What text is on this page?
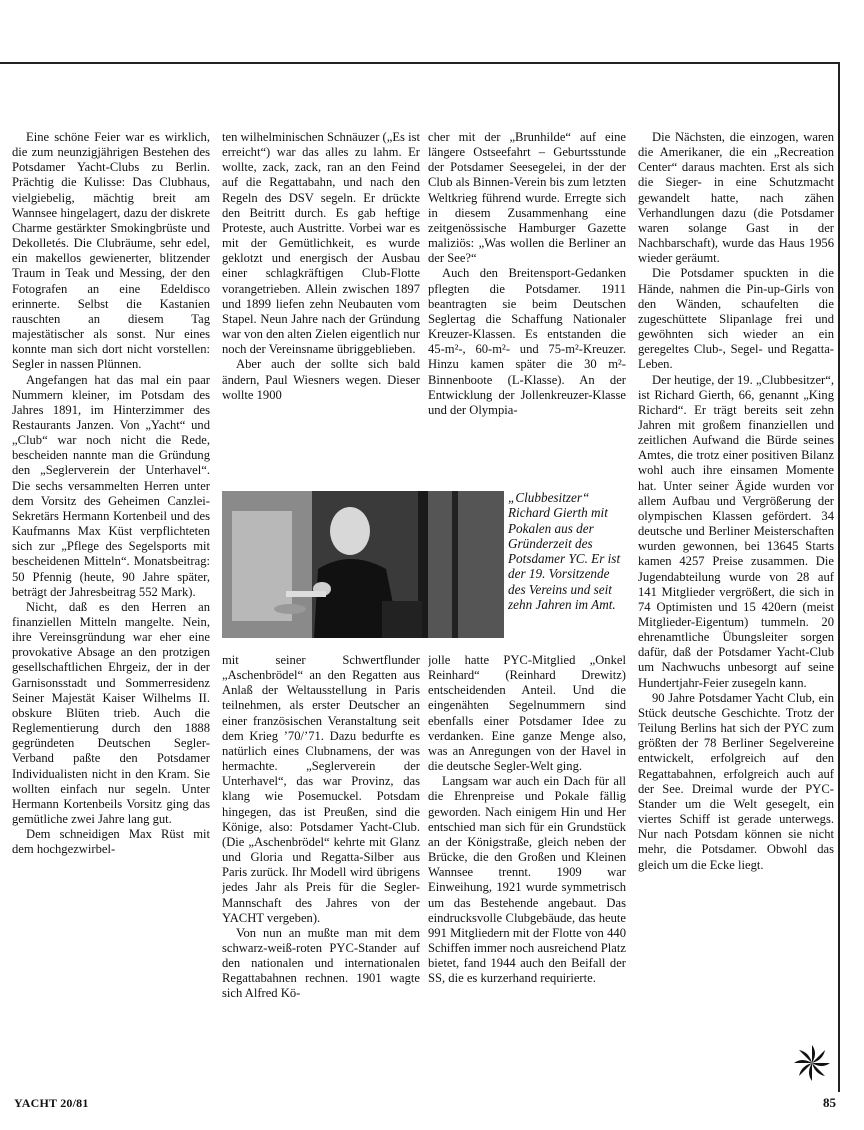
Eine schöne Feier war es wirklich, die zum neunzigjährigen Bestehen des Potsdamer Yacht-Clubs zu Berlin. Prächtig die Kulisse: Das Clubhaus, vielgiebelig, mächtig breit am Wannsee hingelagert, dazu der diskrete Charme gestärkter Smokingbrüste und Dekolletés. Die Clubräume, sehr edel, ein makellos gewienerter, blitzender Traum in Teak und Messing, der den Fotografen an eine Edeldisco erinnerte. Selbst die Kastanien rauschten an diesem Tag majestätischer als sonst. Nur eines konnte man sich dort nicht vorstellen: Segler in nassen Plünnen.

Angefangen hat das mal ein paar Nummern kleiner, im Potsdam des Jahres 1891, im Hinterzimmer des Restaurants Janzen. Von „Yacht“ und „Club“ war noch nicht die Rede, bescheiden nannte man die Gründung den „Seglerverein der Unterhavel“. Die sechs versammelten Herren unter dem Vorsitz des Geheimen Canzlei-Sekretärs Hermann Kortenbeil und des Kaufmanns Max Küst verpflichteten sich zur „Pflege des Segelsports mit bescheidenen Mitteln“. Monatsbeitrag: 50 Pfennig (heute, 90 Jahre später, beträgt der Jahresbeitrag 552 Mark).

Nicht, daß es den Herren an finanziellen Mitteln mangelte. Nein, ihre Vereinsgründung war eher eine provokative Absage an den protzigen gesellschaftlichen Ehrgeiz, der in der Garnisonsstadt und Sommerresidenz Seiner Majestät Kaiser Wilhelms II. obskure Blüten trieb. Auch die Reglementierung durch den 1888 gegründeten Deutschen Segler-Verband paßte den Potsdamer Individualisten nicht in den Kram. Sie wollten einfach nur segeln. Unter Hermann Kortenbeils Vorsitz ging das gemütliche zwei Jahre lang gut.

Dem schneidigen Max Rüst mit dem hochgezwirbel-

ten wilhelminischen Schnäuzer („Es ist erreicht“) war das alles zu lahm. Er wollte, zack, zack, ran an den Feind auf die Regattabahn, und nach den Regeln des DSV segeln. Er drückte den Beitritt durch. Es gab heftige Proteste, auch Austritte. Vorbei war es mit der Gemütlichkeit, es wurde geklotzt und energisch der Ausbau einer schlagkräftigen Club-Flotte vorangetrieben. Allein zwischen 1897 und 1899 liefen zehn Neubauten vom Stapel. Neun Jahre nach der Gründung war von den alten Zielen eigentlich nur noch der Vereinsname übriggeblieben.

Aber auch der sollte sich bald ändern, Paul Wiesners wegen. Dieser wollte 1900

cher mit der „Brunhilde“ auf eine längere Ostseefahrt – Geburtsstunde der Potsdamer Seesegelei, in der der Club als Binnen-Verein bis zum letzten Weltkrieg führend wurde. Erregte sich in diesem Zusammenhang eine zeitgenössische Hamburger Gazette maliziös: „Was wollen die Berliner an der See?“

Auch den Breitensport-Gedanken pflegten die Potsdamer. 1911 beantragten sie beim Deutschen Seglertag die Schaffung Nationaler Kreuzer-Klassen. Es entstanden die 45-m²-, 60-m²- und 75-m²-Kreuzer. Hinzu kamen später die 30 m²-Binnenboote (L-Klasse). An der Entwicklung der Jollenkreuzer-Klasse und der Olympia-

„Clubbesitzer“ Richard Gierth mit Pokalen aus der Gründerzeit des Potsdamer YC. Er ist der 19. Vorsitzende des Vereins und seit zehn Jahren im Amt.

mit seiner Schwertflunder „Aschenbrödel“ an den Regatten aus Anlaß der Weltausstellung in Paris teilnehmen, als erster Deutscher an einer französischen Veranstaltung seit dem Krieg ’70/’71. Dazu bedurfte es natürlich eines Clubnamens, der was hermachte. „Seglerverein der Unterhavel“, das war Provinz, das klang wie Posemuckel. Potsdam hingegen, das ist Preußen, sind die Könige, also: Potsdamer Yacht-Club. (Die „Aschenbrödel“ kehrte mit Glanz und Gloria und Regatta-Silber aus Paris zurück. Ihr Modell wird übrigens jedes Jahr als Preis für die Segler-Mannschaft des Jahres von der YACHT vergeben).

Von nun an mußte man mit dem schwarz-weiß-roten PYC-Stander auf den nationalen und internationalen Regattabahnen rechnen. 1901 wagte sich Alfred Kö-

jolle hatte PYC-Mitglied „Onkel Reinhard“ (Reinhard Drewitz) entscheidenden Anteil. Und die eingenähten Segelnummern sind ebenfalls einer Potsdamer Idee zu verdanken. Eine ganze Menge also, was an Anregungen von der Havel in die deutsche Segler-Welt ging.

Langsam war auch ein Dach für all die Ehrenpreise und Pokale fällig geworden. Nach einigem Hin und Her entschied man sich für ein Grundstück an der Königstraße, gleich neben der Brücke, die den Großen und Kleinen Wannsee trennt. 1909 war Einweihung, 1921 wurde symmetrisch um das Bestehende angebaut. Das eindrucksvolle Clubgebäude, das heute 991 Mitgliedern mit der Flotte von 440 Schiffen immer noch ausreichend Platz bietet, fand 1944 auch den Beifall der SS, die es kurzerhand requirierte.

Die Nächsten, die einzogen, waren die Amerikaner, die ein „Recreation Center“ daraus machten. Erst als sich die Sieger- in eine Schutzmacht gewandelt hatte, nach zähen Verhandlungen dazu (die Potsdamer waren solange Gast in der Nachbarschaft), wurde das Haus 1956 wieder geräumt.

Die Potsdamer spuckten in die Hände, nahmen die Pin-up-Girls von den Wänden, schaufelten die zugeschüttete Slipanlage frei und gewöhnten sich wieder an ein geregeltes Club-, Segel- und Regatta-Leben.

Der heutige, der 19. „Clubbesitzer“, ist Richard Gierth, 66, genannt „King Richard“. Er trägt bereits seit zehn Jahren mit großem finanziellen und zeitlichen Aufwand die Bürde seines Amtes, die trotz einer positiven Bilanz wohl auch ihre einsamen Momente hat. Unter seiner Ägide wurden vor allem Aufbau und Vergrößerung der olympischen Klassen gefördert. 34 deutsche und Berliner Meisterschaften wurden gewonnen, bei 13645 Starts kamen 4257 Preise zusammen. Die Jugendabteilung wurde von 28 auf 141 Mitglieder vergrößert, die sich in 74 Optimisten und 15 420ern (meist Mitglieder-Eigentum) tummeln. 20 ehrenamtliche Übungsleiter sorgen dafür, daß der Potsdamer Yacht-Club um Nachwuchs unbesorgt auf seine Hundertjahr-Feier zusegeln kann.

90 Jahre Potsdamer Yacht Club, ein Stück deutsche Geschichte. Trotz der Teilung Berlins hat sich der PYC zum größten der 78 Berliner Segelvereine entwickelt, erfolgreich auf den Regattabahnen, erfolgreich auch auf der See. Dreimal wurde der PYC-Stander um die Welt gesegelt, ein viertes Schiff ist gerade unterwegs. Nur nach Potsdam können sie nicht mehr, die Potsdamer. Obwohl das gleich um die Ecke liegt.

YACHT 20/81	85
